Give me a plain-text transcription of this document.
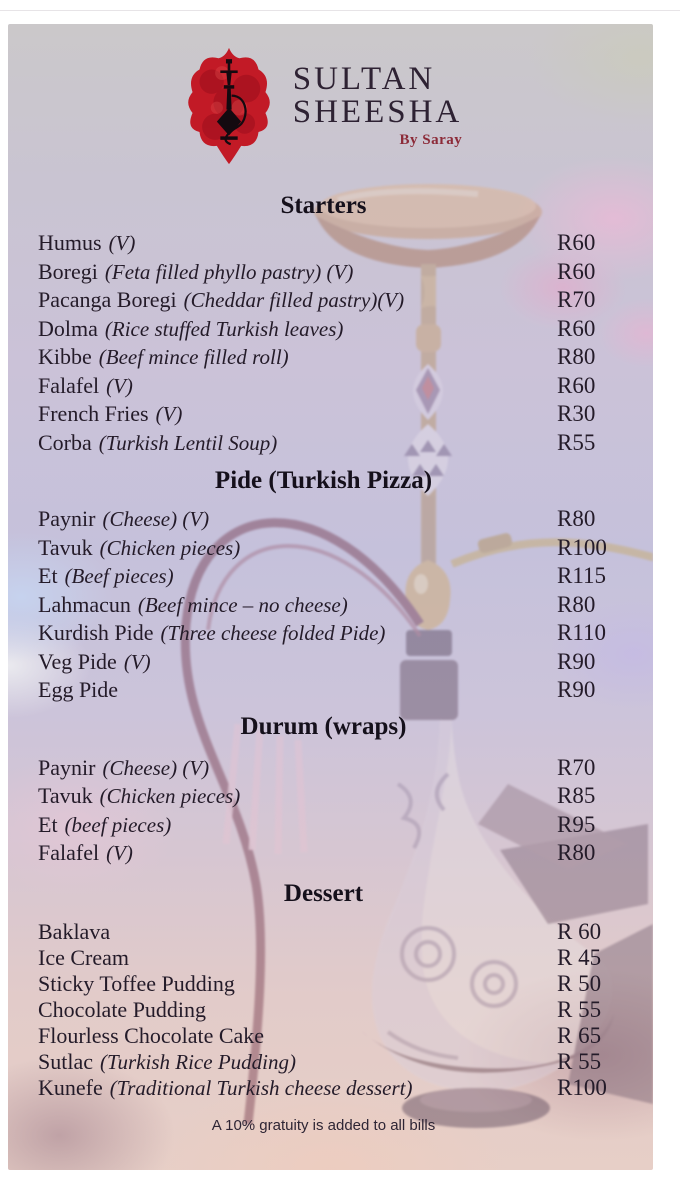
SULTAN
SHEESHA
By Saray
Starters
Humus (V)	R60
Boregi (Feta filled phyllo pastry) (V)	R60
Pacanga Boregi (Cheddar filled pastry)(V)	R70
Dolma (Rice stuffed Turkish leaves)	R60
Kibbe (Beef mince filled roll)	R80
Falafel (V)	R60
French Fries (V)	R30
Corba (Turkish Lentil Soup)	R55
Pide (Turkish Pizza)
Paynir (Cheese) (V)	R80
Tavuk (Chicken pieces)	R100
Et (Beef pieces)	R115
Lahmacun (Beef mince – no cheese)	R80
Kurdish Pide (Three cheese folded Pide)	R110
Veg Pide (V)	R90
Egg Pide	R90
Durum (wraps)
Paynir (Cheese) (V)	R70
Tavuk (Chicken pieces)	R85
Et (beef pieces)	R95
Falafel (V)	R80
Dessert
Baklava	R 60
Ice Cream	R 45
Sticky Toffee Pudding	R 50
Chocolate Pudding	R 55
Flourless Chocolate Cake	R 65
Sutlac (Turkish Rice Pudding)	R 55
Kunefe (Traditional Turkish cheese dessert)	R100
A 10% gratuity is added to all bills
